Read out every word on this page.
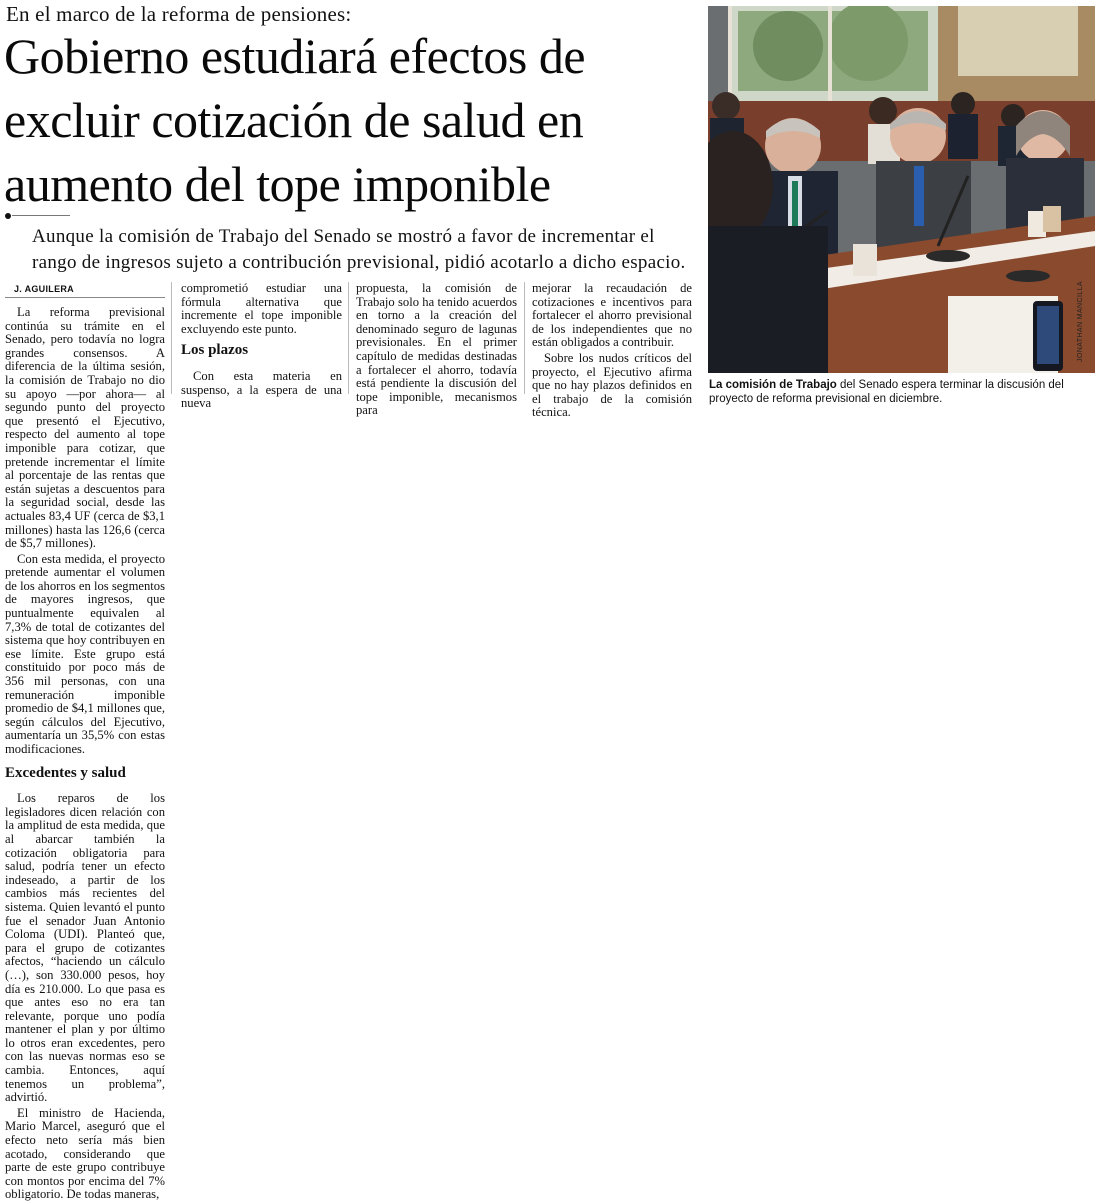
En el marco de la reforma de pensiones:
Gobierno estudiará efectos de excluir cotización de salud en aumento del tope imponible
Aunque la comisión de Trabajo del Senado se mostró a favor de incrementar el rango de ingresos sujeto a contribución previsional, pidió acotarlo a dicho espacio.
J. AGUILERA

La reforma previsional continúa su trámite en el Senado, pero todavía no logra grandes consensos. A diferencia de la última sesión, la comisión de Trabajo no dio su apoyo —por ahora— al segundo punto del proyecto que presentó el Ejecutivo, respecto del aumento al tope imponible para cotizar, que pretende incrementar el límite al porcentaje de las rentas que están sujetas a descuentos para la seguridad social, desde las actuales 83,4 UF (cerca de $3,1 millones) hasta las 126,6 (cerca de $5,7 millones).

Con esta medida, el proyecto pretende aumentar el volumen de los ahorros en los segmentos de mayores ingresos, que puntualmente equivalen al 7,3% de total de cotizantes del sistema que hoy contribuyen en ese límite. Este grupo está constituido por poco más de 356 mil personas, con una remuneración imponible promedio de $4,1 millones que, según cálculos del Ejecutivo, aumentaría un 35,5% con estas modificaciones.

Excedentes y salud

Los reparos de los legisladores dicen relación con la amplitud de esta medida, que al abarcar también la cotización obligatoria para salud, podría tener un efecto indeseado, a partir de los cambios más recientes del sistema. Quien levantó el punto fue el senador Juan Antonio Coloma (UDI). Planteó que, para el grupo de cotizantes afectos, “haciendo un cálculo (…), son 330.000 pesos, hoy día es 210.000. Lo que pasa es que antes eso no era tan relevante, porque uno podía mantener el plan y por último lo otros eran excedentes, pero con las nuevas normas eso se cambia. Entonces, aquí tenemos un problema”, advirtió.

El ministro de Hacienda, Mario Marcel, aseguró que el efecto neto sería más bien acotado, considerando que parte de este grupo contribuye con montos por encima del 7% obligatorio. De todas maneras,

comprometió estudiar una fórmula alternativa que incremente el tope imponible excluyendo este punto.

Los plazos

Con esta materia en suspenso, a la espera de una nueva

propuesta, la comisión de Trabajo solo ha tenido acuerdos en torno a la creación del denominado seguro de lagunas previsionales. En el primer capítulo de medidas destinadas a fortalecer el ahorro, todavía está pendiente la discusión del tope imponible, mecanismos para

mejorar la recaudación de cotizaciones e incentivos para fortalecer el ahorro previsional de los independientes que no están obligados a contribuir.

Sobre los nudos críticos del proyecto, el Ejecutivo afirma que no hay plazos definidos en el trabajo de la comisión técnica.

JONATHAN MANCILLA
La comisión de Trabajo del Senado espera terminar la discusión del proyecto de reforma previsional en diciembre.
